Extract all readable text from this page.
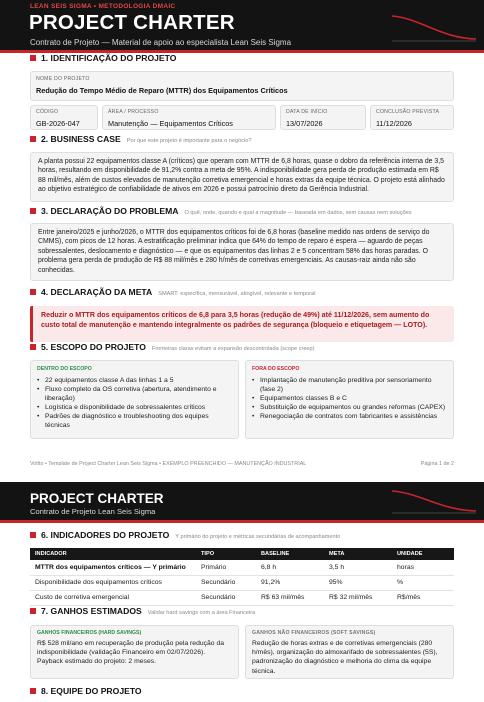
LEAN SEIS SIGMA • METODOLOGIA DMAIC
PROJECT CHARTER
Contrato de Projeto — Material de apoio ao especialista Lean Seis Sigma
1. IDENTIFICAÇÃO DO PROJETO
NOME DO PROJETO
Redução do Tempo Médio de Reparo (MTTR) dos Equipamentos Críticos
CÓDIGO
GB-2026-047
ÁREA / PROCESSO
Manutenção — Equipamentos Críticos
DATA DE INÍCIO
13/07/2026
CONCLUSÃO PREVISTA
11/12/2026
2. BUSINESS CASE Por que este projeto é importante para o negócio?
A planta possui 22 equipamentos classe A (críticos) que operam com MTTR de 6,8 horas, quase o dobro da referência interna de 3,5 horas, resultando em disponibilidade de 91,2% contra a meta de 95%. A indisponibilidade gera perda de produção estimada em R$ 88 mil/mês, além de custos elevados de manutenção corretiva emergencial e horas extras da equipe técnica. O projeto está alinhado ao objetivo estratégico de confiabilidade de ativos em 2026 e possui patrocínio direto da Gerência Industrial.
3. DECLARAÇÃO DO PROBLEMA O quê, onde, quando e qual a magnitude — baseada em dados, sem causas nem soluções
Entre janeiro/2025 e junho/2026, o MTTR dos equipamentos críticos foi de 6,8 horas (baseline medido nas ordens de serviço do CMMS), com picos de 12 horas. A estratificação preliminar indica que 64% do tempo de reparo é espera — aguardo de peças sobressalentes, deslocamento e diagnóstico — e que os equipamentos das linhas 2 e 5 concentram 58% das horas paradas. O problema gera perda de produção de R$ 88 mil/mês e 280 h/mês de corretivas emergenciais. As causas-raiz ainda não são conhecidas.
4. DECLARAÇÃO DA META SMART: específica, mensurável, atingível, relevante e temporal
Reduzir o MTTR dos equipamentos críticos de 6,8 para 3,5 horas (redução de 49%) até 11/12/2026, sem aumento do custo total de manutenção e mantendo integralmente os padrões de segurança (bloqueio e etiquetagem — LOTO).
5. ESCOPO DO PROJETO Fronteiras claras evitam a expansão descontrolada (scope creep)
DENTRO DO ESCOPO
• 22 equipamentos classe A das linhas 1 a 5
• Fluxo completo da OS corretiva (abertura, atendimento e liberação)
• Logística e disponibilidade de sobressalentes críticos
• Padrões de diagnóstico e troubleshooting dos equipes técnicas
FORA DO ESCOPO
• Implantação de manutenção preditiva por sensoriamento (fase 2)
• Equipamentos classes B e C
• Substituição de equipamentos ou grandes reformas (CAPEX)
• Renegociação de contratos com fabricantes e assistências
Voltto • Template de Project Charter Lean Seis Sigma • EXEMPLO PREENCHIDO — MANUTENÇÃO INDUSTRIAL	Página 1 de 2
PROJECT CHARTER
Contrato de Projeto Lean Seis Sigma
6. INDICADORES DO PROJETO Y primário do projeto e métricas secundárias de acompanhamento
INDICADOR	TIPO	BASELINE	META	UNIDADE
MTTR dos equipamentos críticos — Y primário	Primário	6,8 h	3,5 h	horas
Disponibilidade dos equipamentos críticos	Secundário	91,2%	95%	%
Custo de corretiva emergencial	Secundário	R$ 63 mil/mês	R$ 32 mil/mês	R$/mês
7. GANHOS ESTIMADOS Validar hard savings com a área Financeira
GANHOS FINANCEIROS (HARD SAVINGS)
R$ 528 mil/ano em recuperação de produção pela redução da indisponibilidade (validação Financeiro em 02/07/2026). Payback estimado do projeto: 2 meses.
GANHOS NÃO FINANCEIROS (SOFT SAVINGS)
Redução de horas extras e de corretivas emergenciais (280 h/mês), organização do almoxarifado de sobressalentes (5S), padronização do diagnóstico e melhoria do clima da equipe técnica.
8. EQUIPE DO PROJETO
